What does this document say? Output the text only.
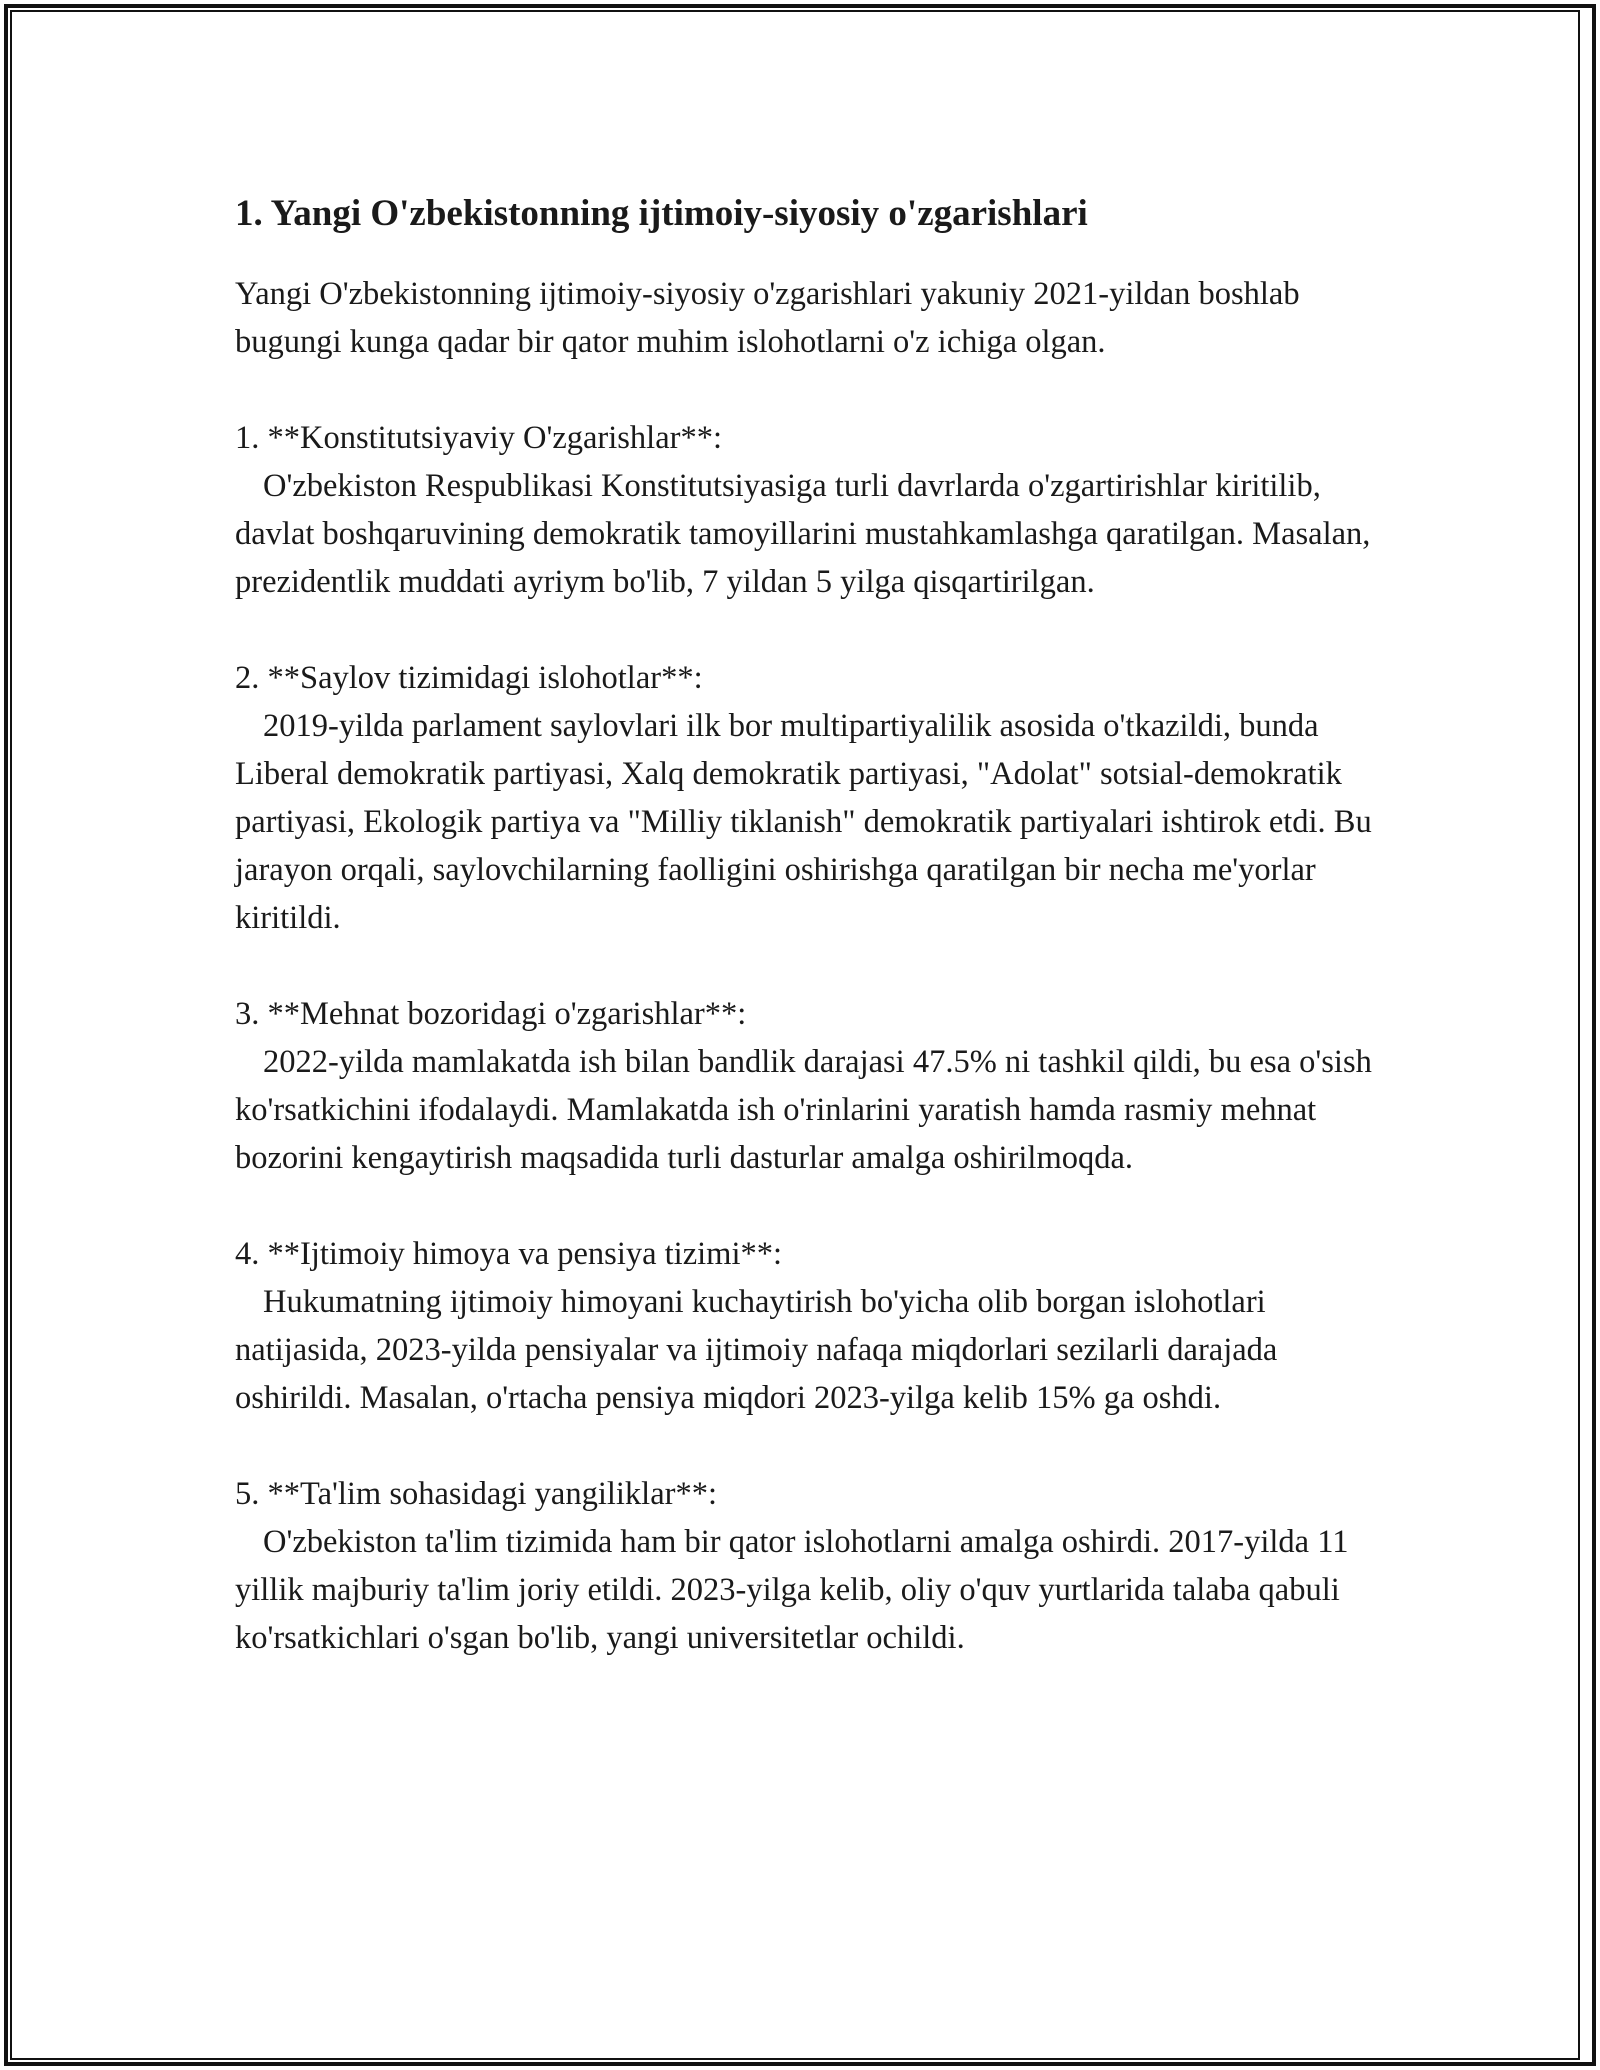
1. Yangi O'zbekistonning ijtimoiy-siyosiy o'zgarishlari

Yangi O'zbekistonning ijtimoiy-siyosiy o'zgarishlari yakuniy 2021-yildan boshlab bugungi kunga qadar bir qator muhim islohotlarni o'z ichiga olgan.

1. **Konstitutsiyaviy O'zgarishlar**:

O'zbekiston Respublikasi Konstitutsiyasiga turli davrlarda o'zgartirishlar kiritilib, davlat boshqaruvining demokratik tamoyillarini mustahkamlashga qaratilgan. Masalan, prezidentlik muddati ayriym bo'lib, 7 yildan 5 yilga qisqartirilgan.

2. **Saylov tizimidagi islohotlar**:

2019-yilda parlament saylovlari ilk bor multipartiyalilik asosida o'tkazildi, bunda Liberal demokratik partiyasi, Xalq demokratik partiyasi, "Adolat" sotsial-demokratik partiyasi, Ekologik partiya va "Milliy tiklanish" demokratik partiyalari ishtirok etdi. Bu jarayon orqali, saylovchilarning faolligini oshirishga qaratilgan bir necha me'yorlar kiritildi.

3. **Mehnat bozoridagi o'zgarishlar**:

2022-yilda mamlakatda ish bilan bandlik darajasi 47.5% ni tashkil qildi, bu esa o'sish ko'rsatkichini ifodalaydi. Mamlakatda ish o'rinlarini yaratish hamda rasmiy mehnat bozorini kengaytirish maqsadida turli dasturlar amalga oshirilmoqda.

4. **Ijtimoiy himoya va pensiya tizimi**:

Hukumatning ijtimoiy himoyani kuchaytirish bo'yicha olib borgan islohotlari natijasida, 2023-yilda pensiyalar va ijtimoiy nafaqa miqdorlari sezilarli darajada oshirildi. Masalan, o'rtacha pensiya miqdori 2023-yilga kelib 15% ga oshdi.

5. **Ta'lim sohasidagi yangiliklar**:

O'zbekiston ta'lim tizimida ham bir qator islohotlarni amalga oshirdi. 2017-yilda 11 yillik majburiy ta'lim joriy etildi. 2023-yilga kelib, oliy o'quv yurtlarida talaba qabuli ko'rsatkichlari o'sgan bo'lib, yangi universitetlar ochildi.
